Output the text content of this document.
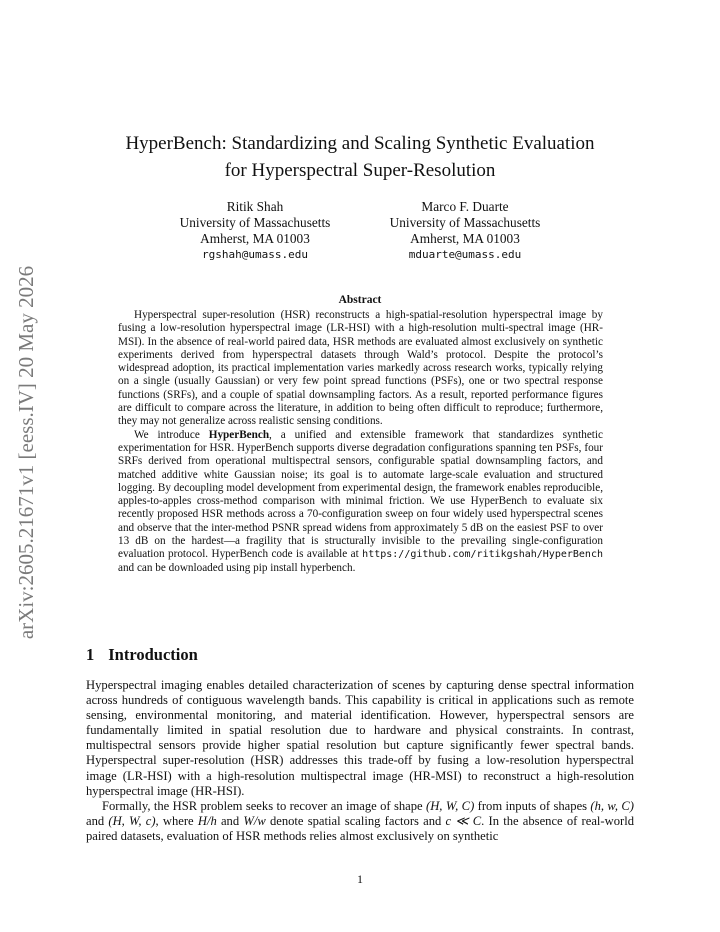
arXiv:2605.21671v1 [eess.IV] 20 May 2026
HyperBench: Standardizing and Scaling Synthetic Evaluation
for Hyperspectral Super-Resolution
Ritik Shah
University of Massachusetts
Amherst, MA 01003
rgshah@umass.edu
Marco F. Duarte
University of Massachusetts
Amherst, MA 01003
mduarte@umass.edu
Abstract

Hyperspectral super-resolution (HSR) reconstructs a high-spatial-resolution hyperspectral image by fusing a low-resolution hyperspectral image (LR-HSI) with a high-resolution multi-spectral image (HR-MSI). In the absence of real-world paired data, HSR methods are evaluated almost exclusively on synthetic experiments derived from hyperspectral datasets through Wald’s protocol. Despite the protocol’s widespread adoption, its practical implementation varies markedly across research works, typically relying on a single (usually Gaussian) or very few point spread functions (PSFs), one or two spectral response functions (SRFs), and a couple of spatial downsampling factors. As a result, reported performance figures are difficult to compare across the literature, in addition to being often difficult to reproduce; furthermore, they may not generalize across realistic sensing conditions.

We introduce HyperBench, a unified and extensible framework that standardizes synthetic experimentation for HSR. HyperBench supports diverse degradation configurations spanning ten PSFs, four SRFs derived from operational multispectral sensors, configurable spatial downsampling factors, and matched additive white Gaussian noise; its goal is to automate large-scale evaluation and structured logging. By decoupling model development from experimental design, the framework enables reproducible, apples-to-apples cross-method comparison with minimal friction. We use HyperBench to evaluate six recently proposed HSR methods across a 70-configuration sweep on four widely used hyperspectral scenes and observe that the inter-method PSNR spread widens from approximately 5 dB on the easiest PSF to over 13 dB on the hardest—a fragility that is structurally invisible to the prevailing single-configuration evaluation protocol. HyperBench code is available at https://github.com/ritikgshah/HyperBench and can be downloaded using pip install hyperbench.

1 Introduction

Hyperspectral imaging enables detailed characterization of scenes by capturing dense spectral information across hundreds of contiguous wavelength bands. This capability is critical in applications such as remote sensing, environmental monitoring, and material identification. However, hyperspectral sensors are fundamentally limited in spatial resolution due to hardware and physical constraints. In contrast, multispectral sensors provide higher spatial resolution but capture significantly fewer spectral bands. Hyperspectral super-resolution (HSR) addresses this trade-off by fusing a low-resolution hyperspectral image (LR-HSI) with a high-resolution multispectral image (HR-MSI) to reconstruct a high-resolution hyperspectral image (HR-HSI).

Formally, the HSR problem seeks to recover an image of shape (H, W, C) from inputs of shapes (h, w, C) and (H, W, c), where H/h and W/w denote spatial scaling factors and c ≪ C. In the absence of real-world paired datasets, evaluation of HSR methods relies almost exclusively on synthetic

1
